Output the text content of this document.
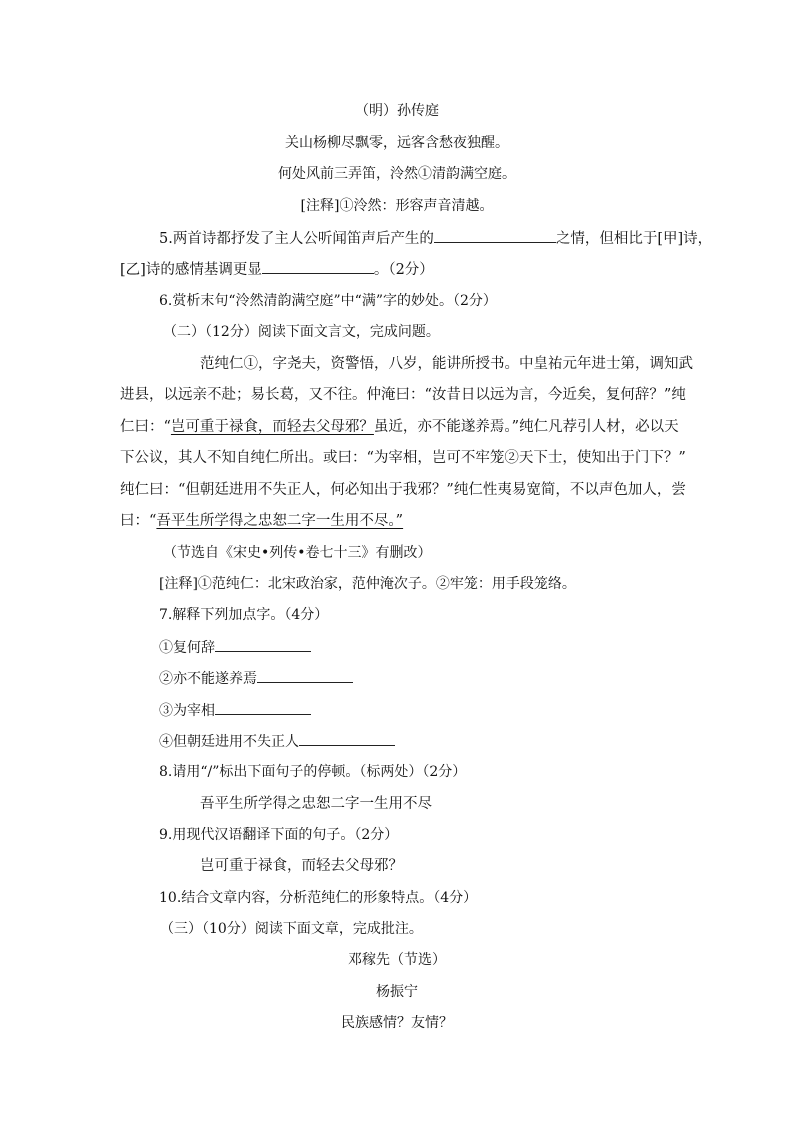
（明）孙传庭
关山杨柳尽飘零，远客含愁夜独醒。
何处风前三弄笛，泠然①清韵满空庭。
[注释]①泠然：形容声音清越。
5.两首诗都抒发了主人公听闻笛声后产生的	之情，但相比于[甲]诗，
[乙]诗的感情基调更显	。（2分）
6.赏析末句“泠然清韵满空庭”中“满”字的妙处。（2分）
（二）（12分）阅读下面文言文，完成问题。
范纯仁①，字尧夫，资警悟，八岁，能讲所授书。中皇祐元年进士第，调知武
进县，以远亲不赴；易长葛，又不往。仲淹曰：“汝昔日以远为言，今近矣，复何辞？”纯
仁曰：“岂可重于禄食，而轻去父母邪？虽近，亦不能遂养焉。”纯仁凡荐引人材，必以天
下公议，其人不知自纯仁所出。或曰：“为宰相，岂可不牢笼②天下士，使知出于门下？”
纯仁曰：“但朝廷进用不失正人，何必知出于我邪？”纯仁性夷易宽简，不以声色加人，尝
曰：“吾平生所学得之忠恕二字一生用不尽。”
（节选自《宋史•列传•卷七十三》有删改）
[注释]①范纯仁：北宋政治家，范仲淹次子。②牢笼：用手段笼络。
7.解释下列加点字。（4分）
①复何辞
②亦不能遂养焉
③为宰相
④但朝廷进用不失正人
8.请用“/”标出下面句子的停顿。（标两处）（2分）
吾平生所学得之忠恕二字一生用不尽
9.用现代汉语翻译下面的句子。（2分）
岂可重于禄食，而轻去父母邪？
10.结合文章内容，分析范纯仁的形象特点。（4分）
（三）（10分）阅读下面文章，完成批注。
邓稼先（节选）
杨振宁
民族感情？友情？
